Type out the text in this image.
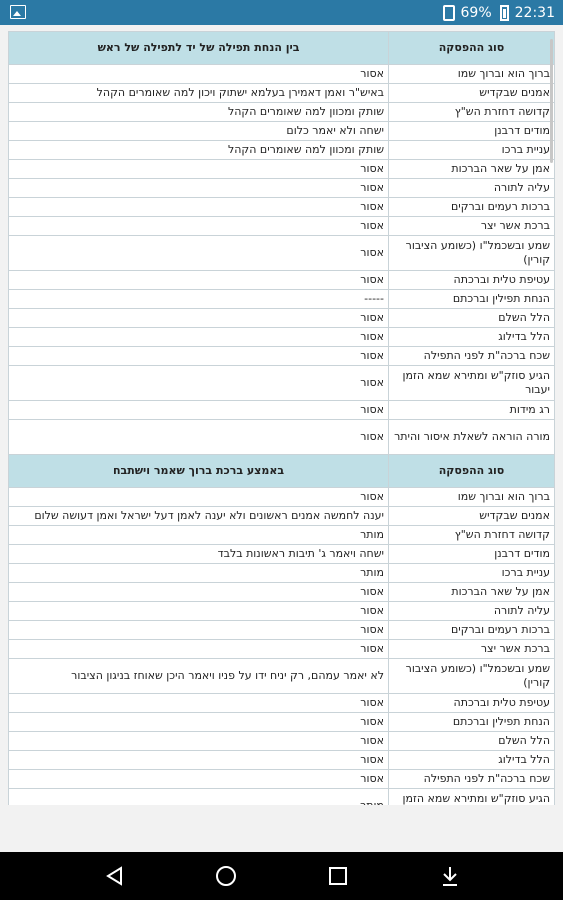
69% 22:31
סוג ההפסקה	בין הנחת תפילה של יד לתפילה של ראש
ברוך הוא וברוך שמו	אסור
אמנים שבקדיש	באיש"ר ואמן דאמירן בעלמא ישתוק ויכון למה שאומרים הקהל
קדושה דחזרת הש"ץ	שותק ומכוון למה שאומרים הקהל
מודים דרבנן	ישחה ולא יאמר כלום
עניית ברכו	שותק ומכוון למה שאומרים הקהל
אמן על שאר הברכות	אסור
עליה לתורה	אסור
ברכות רעמים וברקים	אסור
ברכת אשר יצר	אסור
שמע ובשכמל"ו (כשומע הציבור קורין)	אסור
עטיפת טלית וברכתה	אסור
הנחת תפילין וברכתם	-----
הלל השלם	אסור
הלל בדילוג	אסור
שכח ברכה"ת לפני התפילה	אסור
הגיע סוזק"ש ומתירא שמא הזמן יעבור	אסור
רג מידות	אסור
מורה הוראה לשאלת איסור והיתר	אסור
סוג ההפסקה	באמצע ברכת ברוך שאמר וישתבח
ברוך הוא וברוך שמו	אסור
אמנים שבקדיש	יענה לחמשה אמנים ראשונים ולא יענה לאמן דעל ישראל ואמן דעושה שלום
קדושה דחזרת הש"ץ	מותר
מודים דרבנן	ישחה ויאמר ג' תיבות ראשונות בלבד
עניית ברכו	מותר
אמן על שאר הברכות	אסור
עליה לתורה	אסור
ברכות רעמים וברקים	אסור
ברכת אשר יצר	אסור
שמע ובשכמל"ו (כשומע הציבור קורין)	לא יאמר עמהם, רק יניח ידו על פניו ויאמר היכן שאוחז בניגון הציבור
עטיפת טלית וברכתה	אסור
הנחת תפילין וברכתם	אסור
הלל השלם	אסור
הלל בדילוג	אסור
שכח ברכה"ת לפני התפילה	אסור
הגיע סוזק"ש ומתירא שמא הזמן	
